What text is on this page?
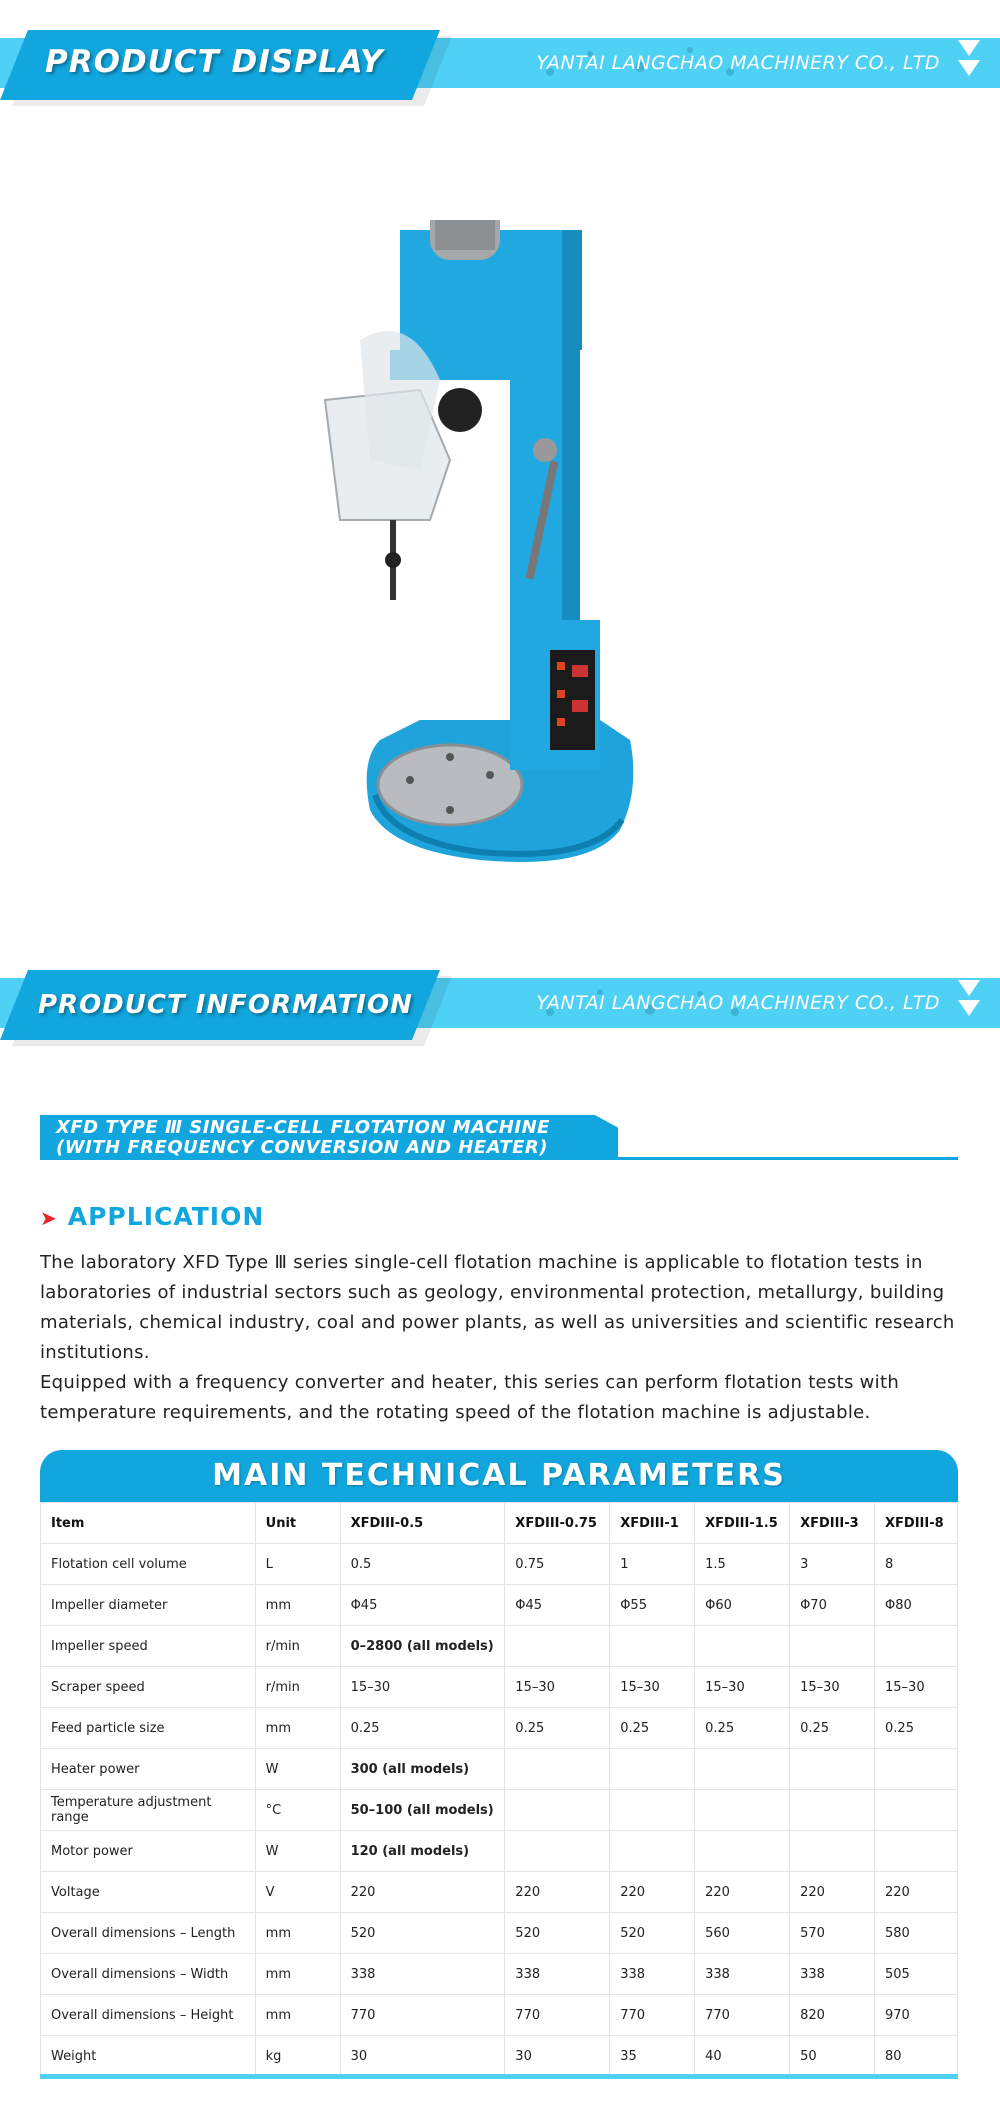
PRODUCT DISPLAY	YANTAI LANGCHAO MACHINERY CO., LTD
PRODUCT INFORMATION	YANTAI LANGCHAO MACHINERY CO., LTD
XFD TYPE Ⅲ SINGLE-CELL FLOTATION MACHINE
(WITH FREQUENCY CONVERSION AND HEATER)
➤ APPLICATION

The laboratory XFD Type Ⅲ series single-cell flotation machine is applicable to flotation tests in laboratories of industrial sectors such as geology, environmental protection, metallurgy, building materials, chemical industry, coal and power plants, as well as universities and scientific research institutions.

Equipped with a frequency converter and heater, this series can perform flotation tests with temperature requirements, and the rotating speed of the flotation machine is adjustable.

MAIN TECHNICAL PARAMETERS
Item	Unit	XFDIII-0.5	XFDIII-0.75	XFDIII-1	XFDIII-1.5	XFDIII-3	XFDIII-8
Flotation cell volume	L	0.5	0.75	1	1.5	3	8
Impeller diameter	mm	Φ45	Φ45	Φ55	Φ60	Φ70	Φ80
Impeller speed	r/min	0–2800 (all models)					
Scraper speed	r/min	15–30	15–30	15–30	15–30	15–30	15–30
Feed particle size	mm	0.25	0.25	0.25	0.25	0.25	0.25
Heater power	W	300 (all models)					
Temperature adjustment range	°C	50–100 (all models)					
Motor power	W	120 (all models)					
Voltage	V	220	220	220	220	220	220
Overall dimensions – Length	mm	520	520	520	560	570	580
Overall dimensions – Width	mm	338	338	338	338	338	505
Overall dimensions – Height	mm	770	770	770	770	820	970
Weight	kg	30	30	35	40	50	80
